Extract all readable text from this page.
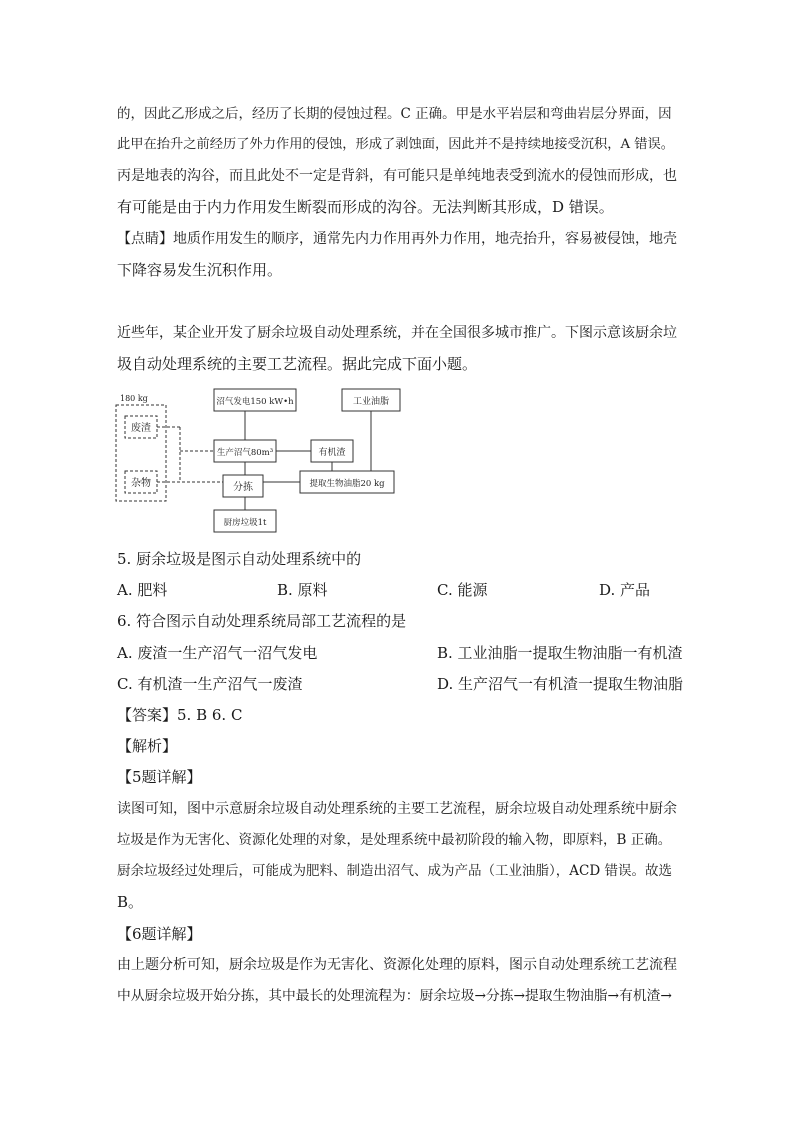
的，因此乙形成之后，经历了长期的侵蚀过程。C 正确。甲是水平岩层和弯曲岩层分界面，因
此甲在抬升之前经历了外力作用的侵蚀，形成了剥蚀面，因此并不是持续地接受沉积，A 错误。
丙是地表的沟谷，而且此处不一定是背斜，有可能只是单纯地表受到流水的侵蚀而形成，也
有可能是由于内力作用发生断裂而形成的沟谷。无法判断其形成，D 错误。
【点睛】地质作用发生的顺序，通常先内力作用再外力作用，地壳抬升，容易被侵蚀，地壳
下降容易发生沉积作用。
近些年，某企业开发了厨余垃圾自动处理系统，并在全国很多城市推广。下图示意该厨余垃
圾自动处理系统的主要工艺流程。据此完成下面小题。
180 kg
废渣
杂物
沼气发电150 kW•h
生产沼气80m³	有机渣
工业油脂
分拣	提取生物油脂20 kg
厨房垃圾1t
5. 厨余垃圾是图示自动处理系统中的
A. 肥料	B. 原料	C. 能源	D. 产品
6. 符合图示自动处理系统局部工艺流程的是
A. 废渣一生产沼气一沼气发电	B. 工业油脂一提取生物油脂一有机渣
C. 有机渣一生产沼气一废渣	D. 生产沼气一有机渣一提取生物油脂
【答案】5. B 6. C
【解析】
【5题详解】
读图可知，图中示意厨余垃圾自动处理系统的主要工艺流程，厨余垃圾自动处理系统中厨余
垃圾是作为无害化、资源化处理的对象，是处理系统中最初阶段的输入物，即原料，B 正确。
厨余垃圾经过处理后，可能成为肥料、制造出沼气、成为产品（工业油脂），ACD 错误。故选
B。
【6题详解】
由上题分析可知，厨余垃圾是作为无害化、资源化处理的原料，图示自动处理系统工艺流程
中从厨余垃圾开始分拣，其中最长的处理流程为：厨余垃圾→分拣→提取生物油脂→有机渣→
